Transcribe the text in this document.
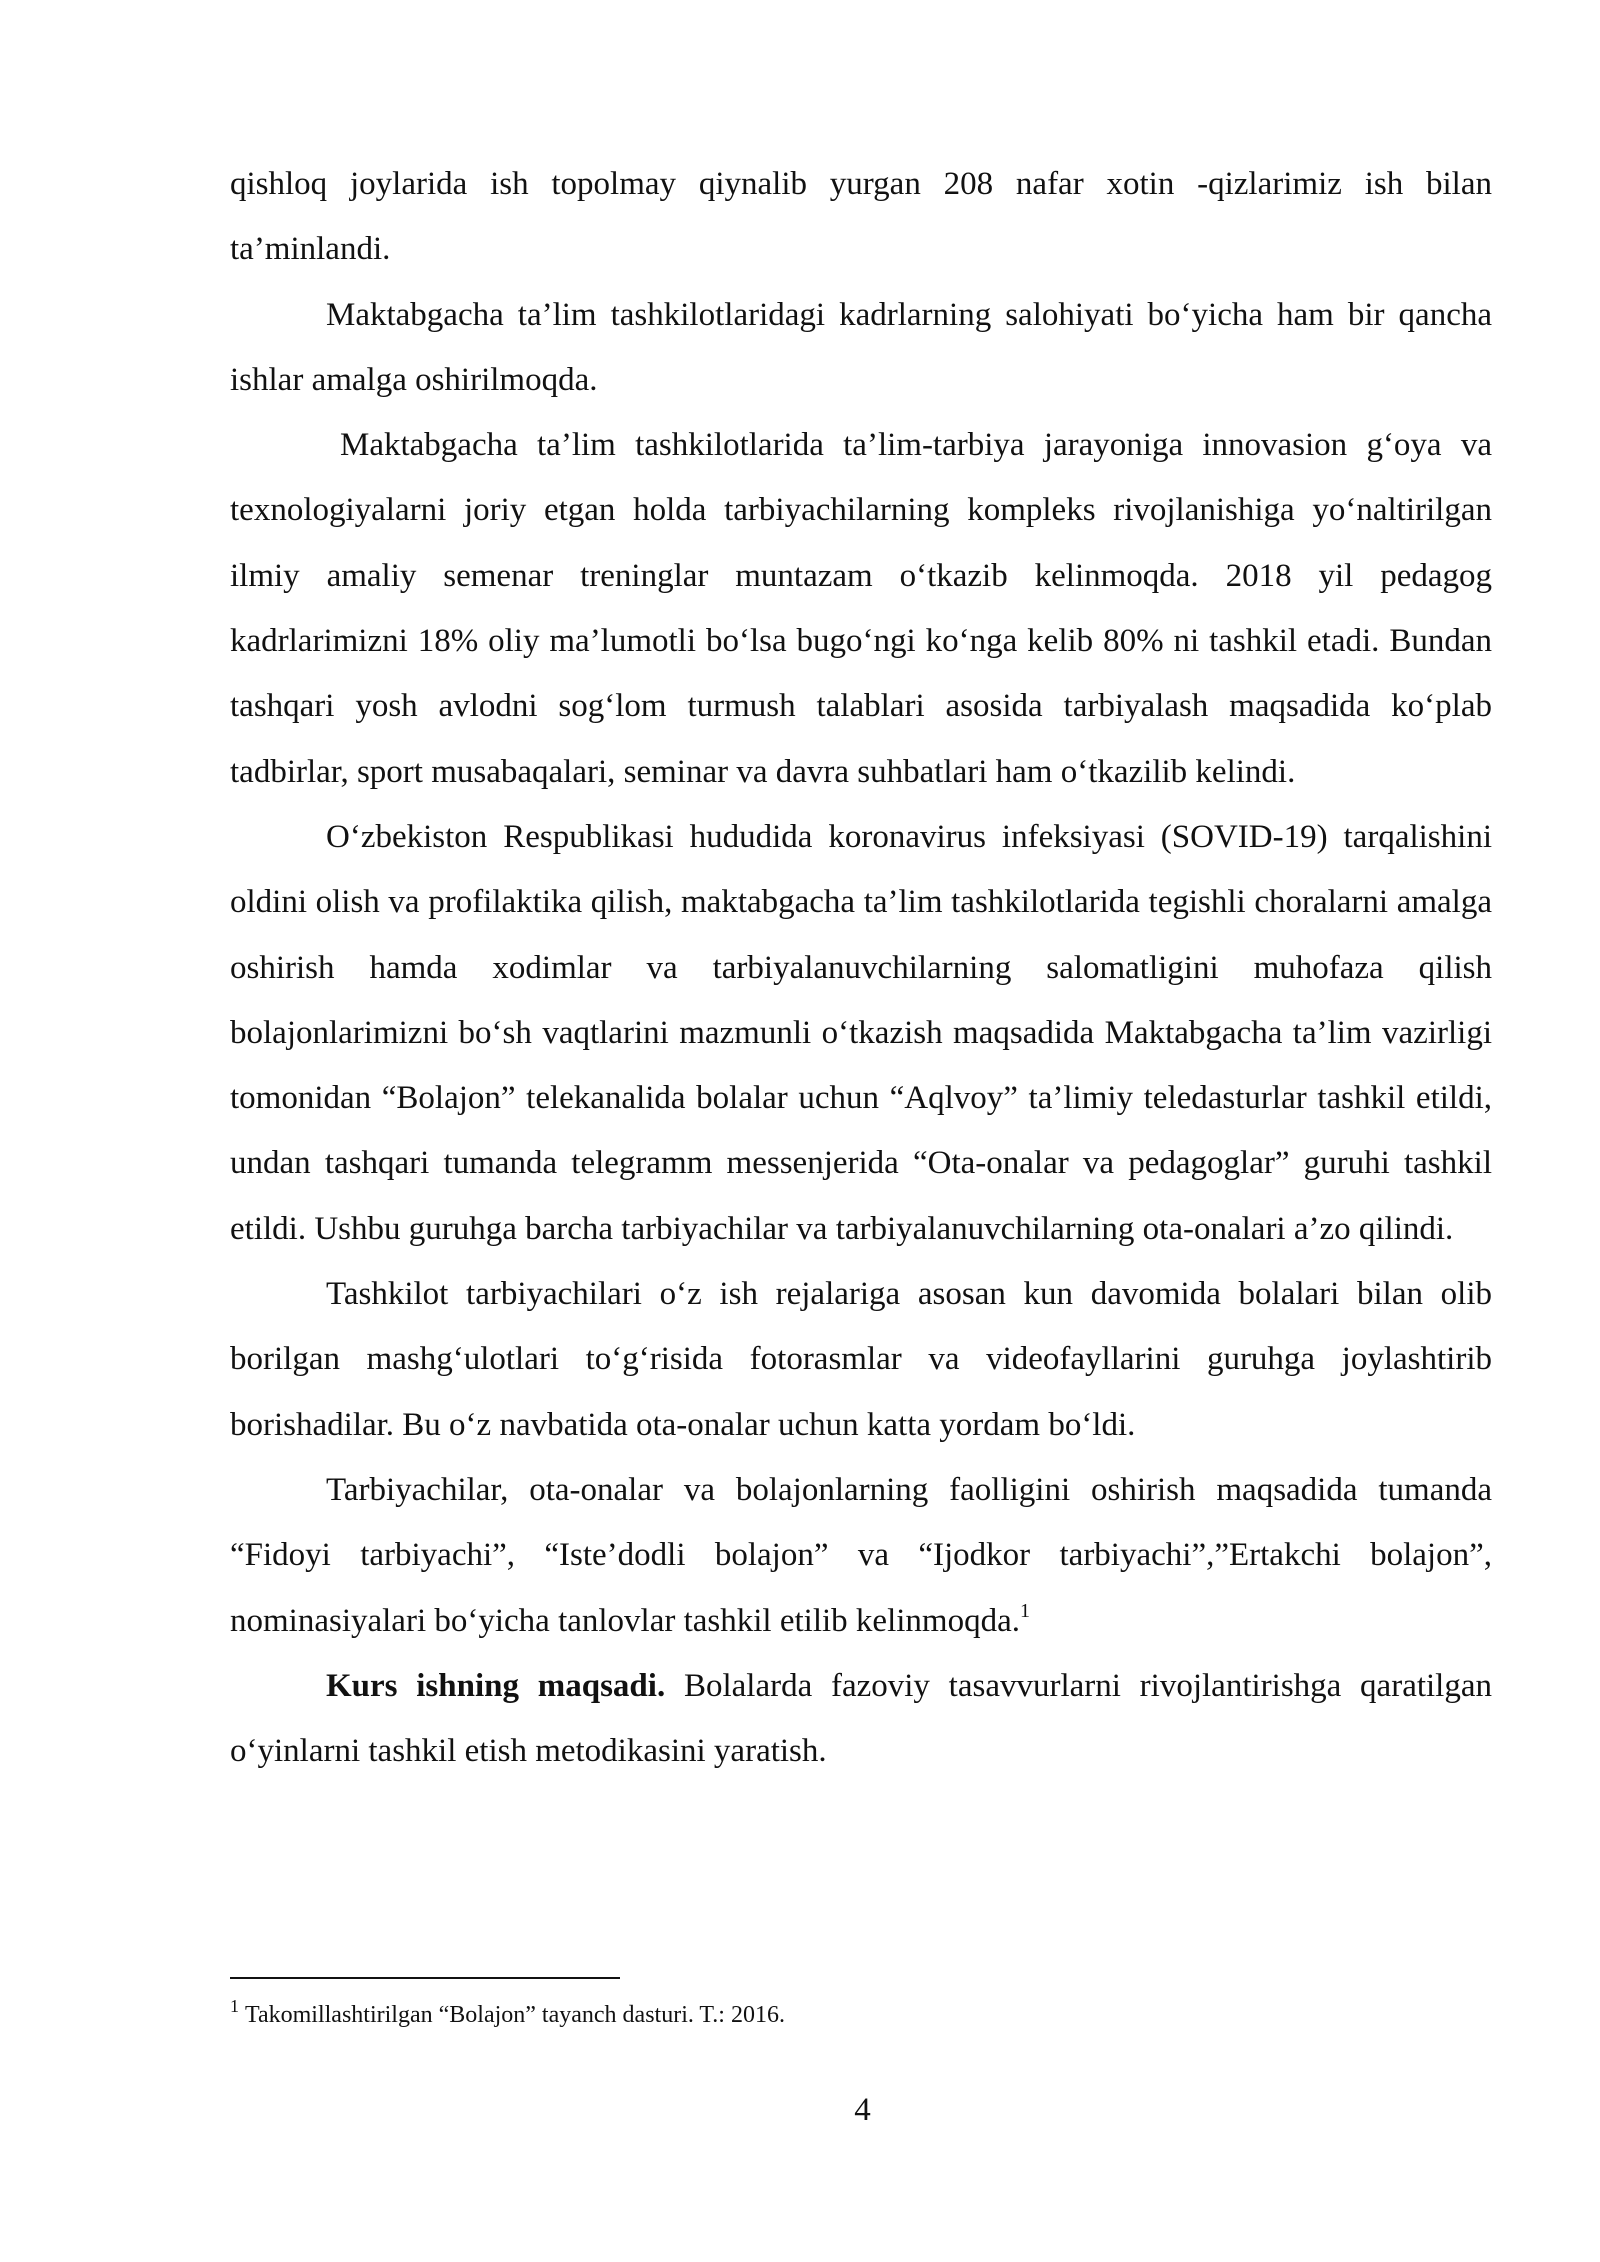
qishloq joylarida ish topolmay qiynalib yurgan 208 nafar xotin -qizlarimiz ish bilan ta’minlandi.

Maktabgacha ta’lim tashkilotlaridagi kadrlarning salohiyati bo‘yicha ham bir qancha ishlar amalga oshirilmoqda.

Maktabgacha ta’lim tashkilotlarida ta’lim-tarbiya jarayoniga innovasion g‘oya va texnologiyalarni joriy etgan holda tarbiyachilarning kompleks rivojlanishiga yo‘naltirilgan ilmiy amaliy semenar treninglar muntazam o‘tkazib kelinmoqda. 2018 yil pedagog kadrlarimizni 18% oliy ma’lumotli bo‘lsa bugo‘ngi ko‘nga kelib 80% ni tashkil etadi. Bundan tashqari yosh avlodni sog‘lom turmush talablari asosida tarbiyalash maqsadida ko‘plab tadbirlar, sport musabaqalari, seminar va davra suhbatlari ham o‘tkazilib kelindi.

O‘zbekiston Respublikasi hududida koronavirus infeksiyasi (SOVID-19) tarqalishini oldini olish va profilaktika qilish, maktabgacha ta’lim tashkilotlarida tegishli choralarni amalga oshirish hamda xodimlar va tarbiyalanuvchilarning salomatligini muhofaza qilish bolajonlarimizni bo‘sh vaqtlarini mazmunli o‘tkazish maqsadida Maktabgacha ta’lim vazirligi tomonidan “Bolajon” telekanalida bolalar uchun “Aqlvoy” ta’limiy teledasturlar tashkil etildi, undan tashqari tumanda telegramm messenjerida “Ota-onalar va pedagoglar” guruhi tashkil etildi. Ushbu guruhga barcha tarbiyachilar va tarbiyalanuvchilarning ota-onalari a’zo qilindi.

Tashkilot tarbiyachilari o‘z ish rejalariga asosan kun davomida bolalari bilan olib borilgan mashg‘ulotlari to‘g‘risida fotorasmlar va videofayllarini guruhga joylashtirib borishadilar. Bu o‘z navbatida ota-onalar uchun katta yordam bo‘ldi.

Tarbiyachilar, ota-onalar va bolajonlarning faolligini oshirish maqsadida tumanda “Fidoyi tarbiyachi”, “Iste’dodli bolajon” va “Ijodkor tarbiyachi”,”Ertakchi bolajon”, nominasiyalari bo‘yicha tanlovlar tashkil etilib kelinmoqda.$^1$

Kurs ishning maqsadi. Bolalarda fazoviy tasavvurlarni rivojlantirishga qaratilgan o‘yinlarni tashkil etish metodikasini yaratish.

$^1$ Takomillashtirilgan “Bolajon” tayanch dasturi. T.: 2016.
4
